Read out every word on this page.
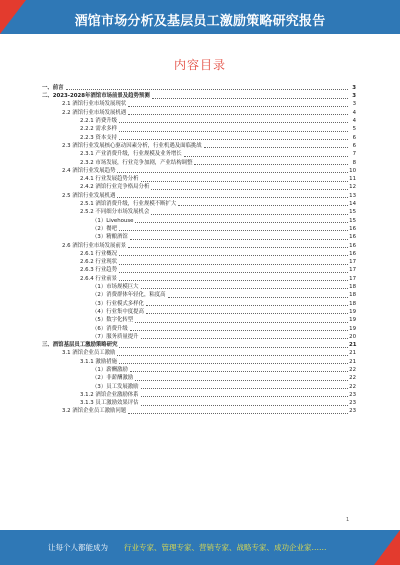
酒馆市场分析及基层员工激励策略研究报告
内容目录
一、前言	3
二、2023-2028年酒馆市场前景及趋势预测	3
2.1 酒馆行业市场发展现状	3
2.2 酒馆行业市场发展机遇	4
2.2.1 消费升级	4
2.2.2 需求多样	5
2.2.3 资本支持	6
2.3 酒馆行业发展核心驱动因素分析，行业机遇及面临挑战	6
2.3.1 产业消费升级，行业规模及业务增长	7
2.3.2 市场发展，行业竞争加剧，产业结构调整	8
2.4 酒馆行业发展趋势	10
2.4.1 行业发展趋势分析	11
2.4.2 酒馆行业竞争格局分析	12
2.5 酒馆行业发展机遇	13
2.5.1 酒馆消费升级，行业规模不断扩大	14
2.5.2 不同细分市场发展机会	15
（1）Livehouse	15
（2）餐吧	16
（3）精酿酒馆	16
2.6 酒馆行业市场发展前景	16
2.6.1 行业概况	16
2.6.2 行业现状	17
2.6.3 行业趋势	17
2.6.4 行业前景	17
（1）市场规模巨大	18
（2）消费群体年轻化，粘度高	18
（3）行业模式多样化	18
（4）行业集中度提高	19
（5）数字化转型	19
（6）消费升级	19
（7）服务质量提升	20
三、酒馆基层员工激励策略研究	21
3.1 酒馆企业员工激励	21
3.1.1 激励措施	21
（1）薪酬激励	22
（2）非薪酬激励	22
（3）员工发展激励	22
3.1.2 酒馆企业激励体系	23
3.1.3 员工激励效果评估	23
3.2 酒馆企业员工激励问题	23
1
让每个人都能成为 行业专家、管理专家、营销专家、战略专家、成功企业家……
